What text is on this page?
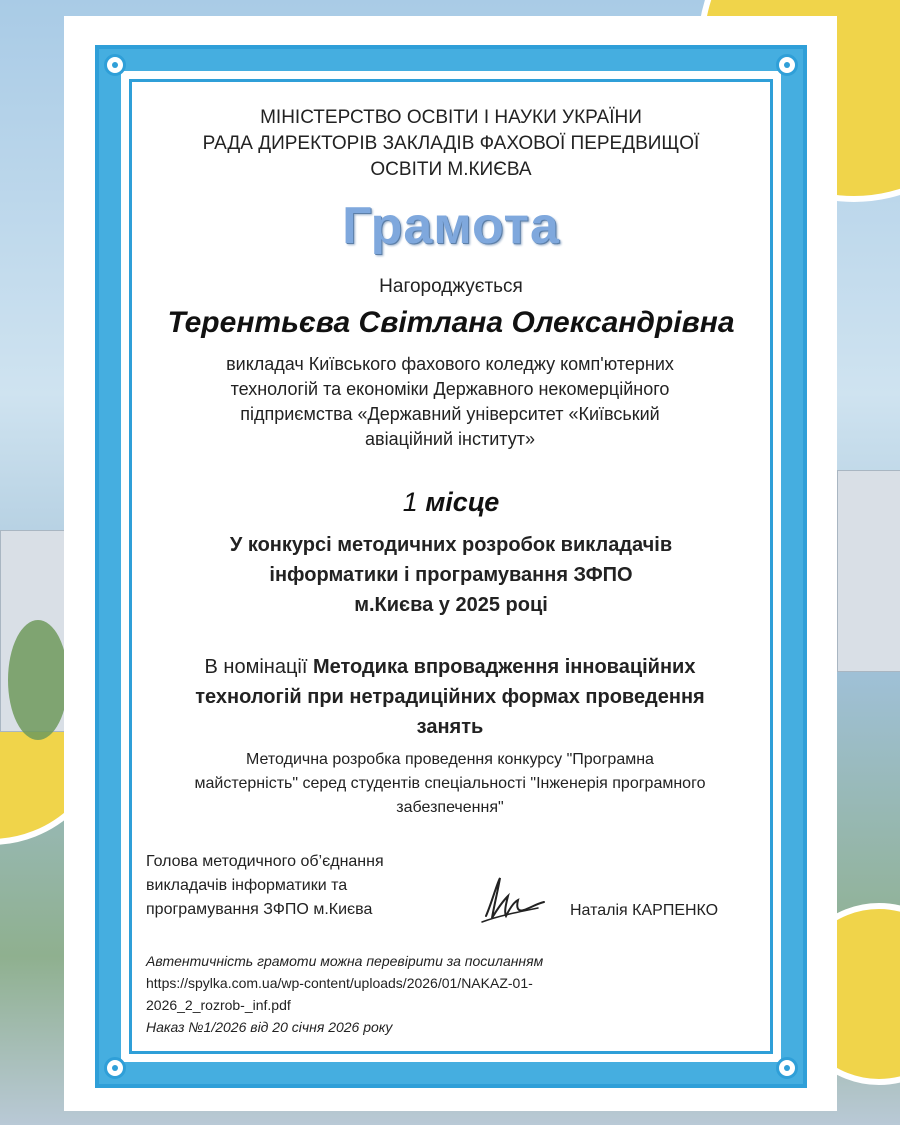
МІНІСТЕРСТВО ОСВІТИ І НАУКИ УКРАЇНИ
РАДА ДИРЕКТОРІВ ЗАКЛАДІВ ФАХОВОЇ ПЕРЕДВИЩОЇ
ОСВІТИ М.КИЄВА
Грамота
Нагороджується
Терентьєва Світлана Олександрівна
викладач Київського фахового коледжу комп'ютерних
технологій та економіки Державного некомерційного
підприємства «Державний університет «Київський
авіаційний інститут»
1 місце
У конкурсі методичних розробок викладачів
інформатики і програмування ЗФПО
м.Києва у 2025 році
В номінації Методика впровадження інноваційних
технологій при нетрадиційних формах проведення
занять
Методична розробка проведення конкурсу "Програмна
майстерність" серед студентів спеціальності "Інженерія програмного
забезпечення"
Голова методичного об’єднання
викладачів інформатики та
програмування ЗФПО м.Києва	Наталія КАРПЕНКО
Автентичність грамоти можна перевірити за посиланням
https://spylka.com.ua/wp-content/uploads/2026/01/NAKAZ-01-
2026_2_rozrob-_inf.pdf
Наказ №1/2026 від 20 січня 2026 року
